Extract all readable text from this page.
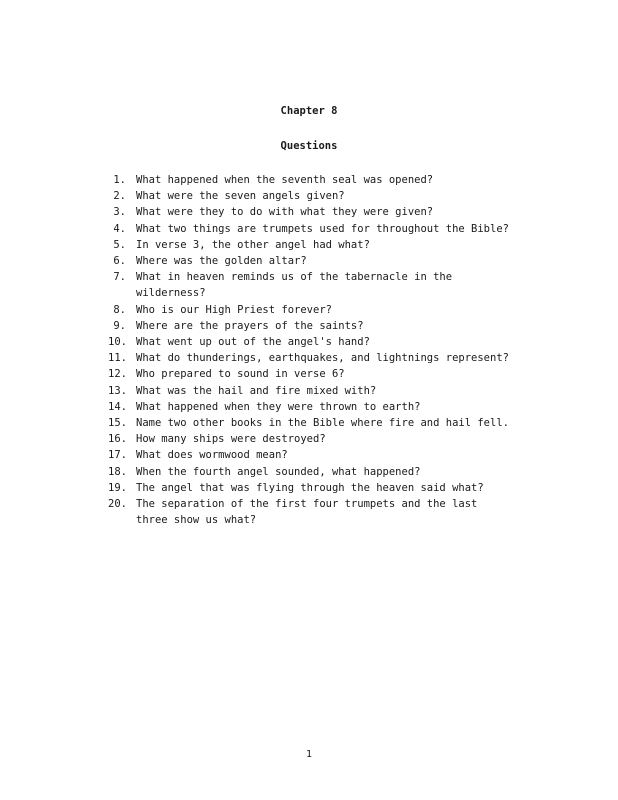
Chapter 8
Questions
1. What happened when the seventh seal was opened?
2. What were the seven angels given?
3. What were they to do with what they were given?
4. What two things are trumpets used for throughout the Bible?
5. In verse 3, the other angel had what?
6. Where was the golden altar?
7. What in heaven reminds us of the tabernacle in the
wilderness?
8. Who is our High Priest forever?
9. Where are the prayers of the saints?
10. What went up out of the angel's hand?
11. What do thunderings, earthquakes, and lightnings represent?
12. Who prepared to sound in verse 6?
13. What was the hail and fire mixed with?
14. What happened when they were thrown to earth?
15. Name two other books in the Bible where fire and hail fell.
16. How many ships were destroyed?
17. What does wormwood mean?
18. When the fourth angel sounded, what happened?
19. The angel that was flying through the heaven said what?
20. The separation of the first four trumpets and the last
three show us what?
1
